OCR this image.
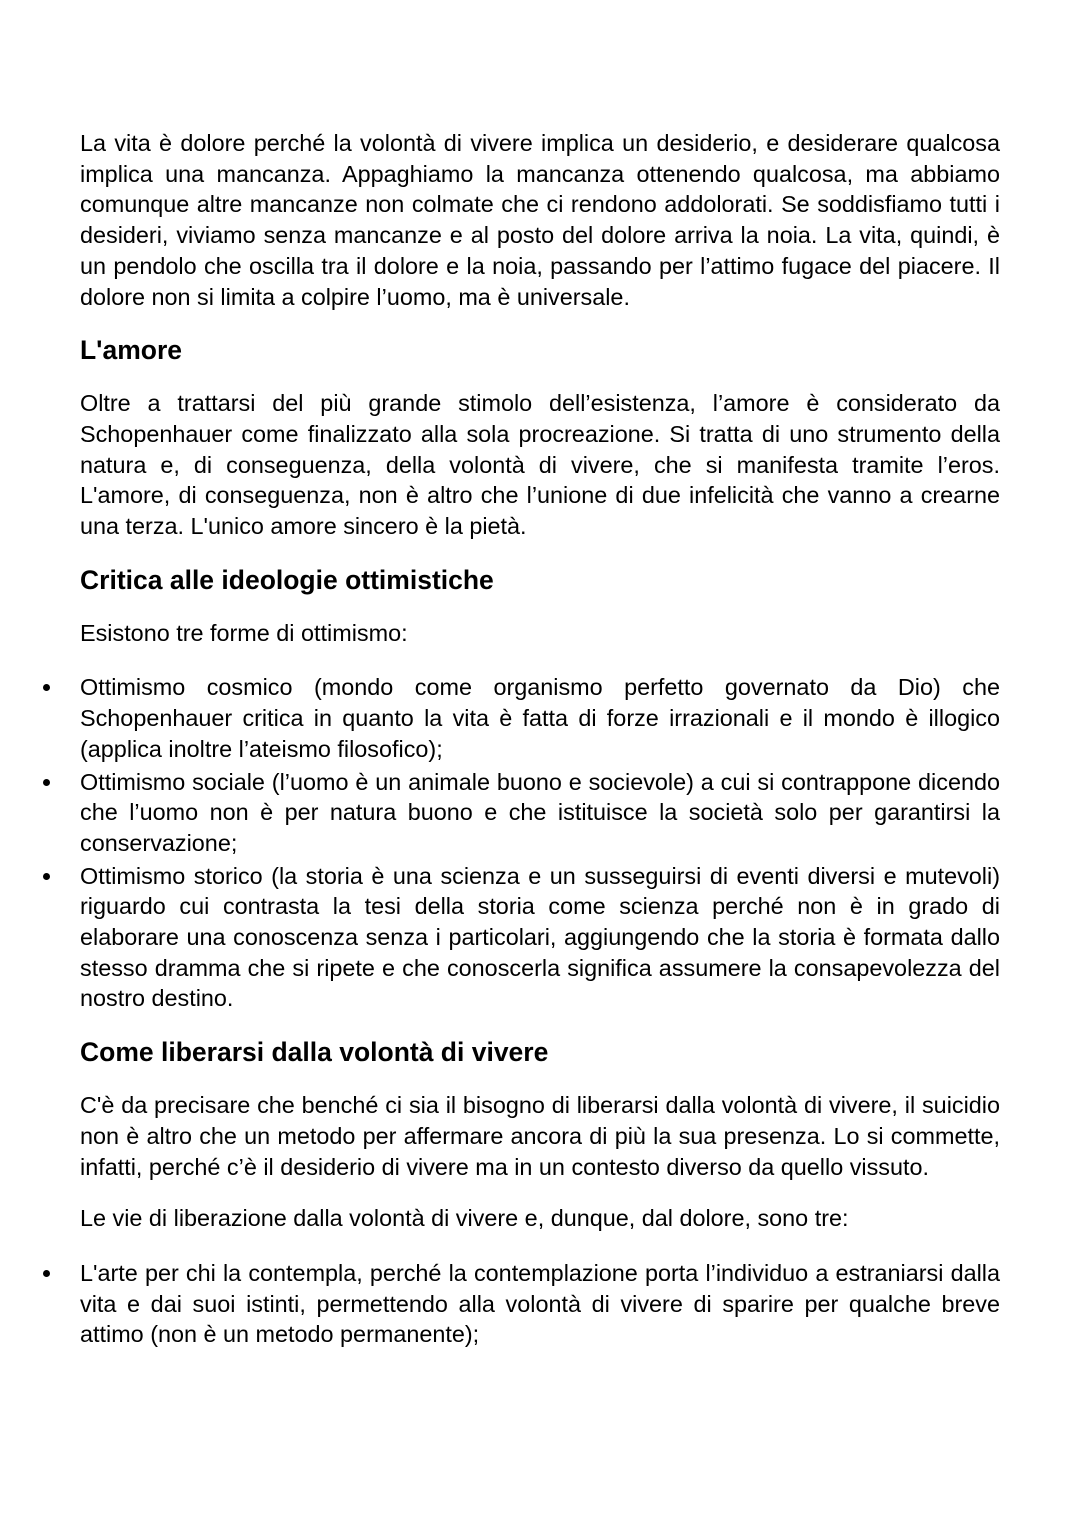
La vita è dolore perché la volontà di vivere implica un desiderio, e desiderare qualcosa implica una mancanza. Appaghiamo la mancanza ottenendo qualcosa, ma abbiamo comunque altre mancanze non colmate che ci rendono addolorati. Se soddisfiamo tutti i desideri, viviamo senza mancanze e al posto del dolore arriva la noia. La vita, quindi, è un pendolo che oscilla tra il dolore e la noia, passando per l’attimo fugace del piacere. Il dolore non si limita a colpire l’uomo, ma è universale.

L'amore

Oltre a trattarsi del più grande stimolo dell’esistenza, l’amore è considerato da Schopenhauer come finalizzato alla sola procreazione. Si tratta di uno strumento della natura e, di conseguenza, della volontà di vivere, che si manifesta tramite l’eros. L'amore, di conseguenza, non è altro che l’unione di due infelicità che vanno a crearne una terza. L'unico amore sincero è la pietà.

Critica alle ideologie ottimistiche

Esistono tre forme di ottimismo:

Ottimismo cosmico (mondo come organismo perfetto governato da Dio) che Schopenhauer critica in quanto la vita è fatta di forze irrazionali e il mondo è illogico (applica inoltre l’ateismo filosofico);
Ottimismo sociale (l’uomo è un animale buono e socievole) a cui si contrappone dicendo che l’uomo non è per natura buono e che istituisce la società solo per garantirsi la conservazione;
Ottimismo storico (la storia è una scienza e un susseguirsi di eventi diversi e mutevoli) riguardo cui contrasta la tesi della storia come scienza perché non è in grado di elaborare una conoscenza senza i particolari, aggiungendo che la storia è formata dallo stesso dramma che si ripete e che conoscerla significa assumere la consapevolezza del nostro destino.
Come liberarsi dalla volontà di vivere

C'è da precisare che benché ci sia il bisogno di liberarsi dalla volontà di vivere, il suicidio non è altro che un metodo per affermare ancora di più la sua presenza. Lo si commette, infatti, perché c’è il desiderio di vivere ma in un contesto diverso da quello vissuto.

Le vie di liberazione dalla volontà di vivere e, dunque, dal dolore, sono tre:

L'arte per chi la contempla, perché la contemplazione porta l’individuo a estraniarsi dalla vita e dai suoi istinti, permettendo alla volontà di vivere di sparire per qualche breve attimo (non è un metodo permanente);
